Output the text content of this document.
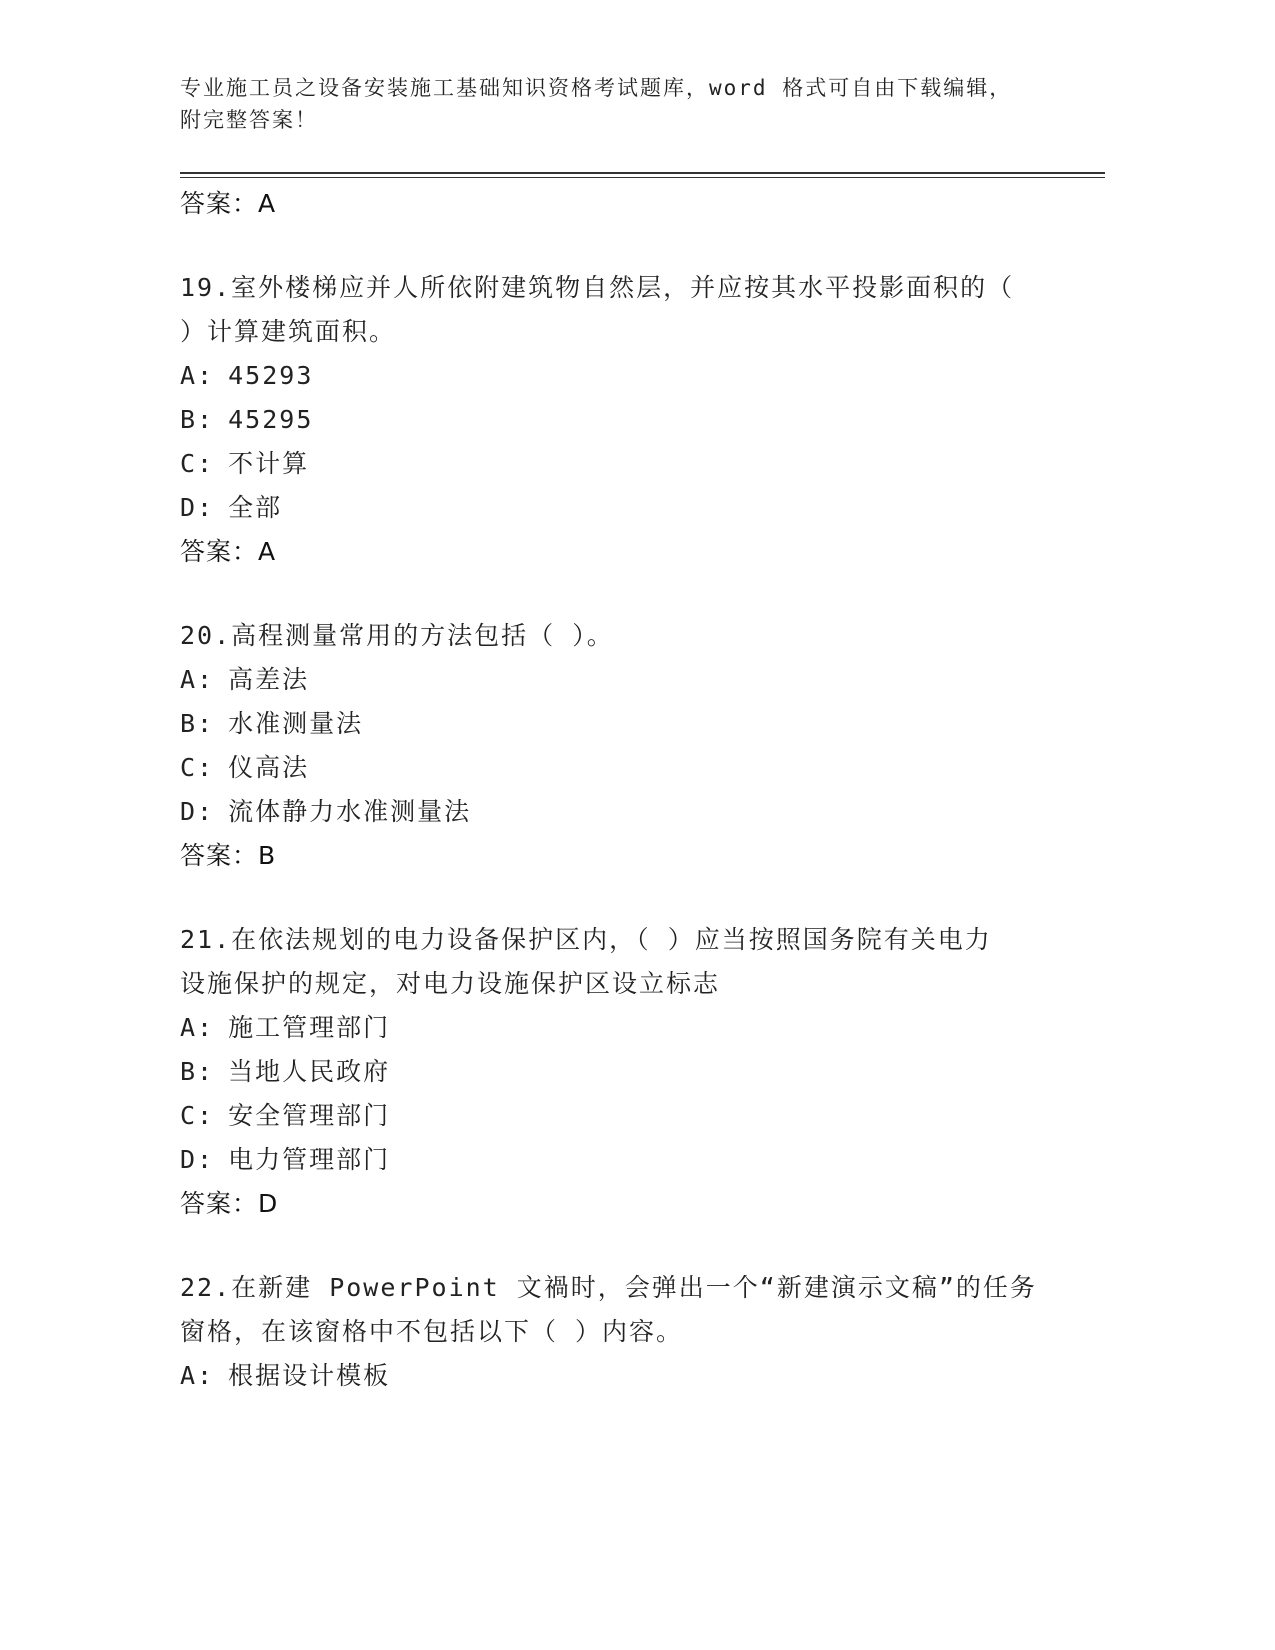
专业施工员之设备安装施工基础知识资格考试题库，word 格式可自由下载编辑，
附完整答案！
答案：A
19.室外楼梯应并人所依附建筑物自然层，并应按其水平投影面积的（
）计算建筑面积。
A: 45293
B: 45295
C: 不计算
D: 全部
答案：A
20.高程测量常用的方法包括（ ）。
A: 高差法
B: 水准测量法
C: 仪高法
D: 流体静力水准测量法
答案：B
21.在依法规划的电力设备保护区内，（ ）应当按照国务院有关电力
设施保护的规定，对电力设施保护区设立标志
A: 施工管理部门
B: 当地人民政府
C: 安全管理部门
D: 电力管理部门
答案：D
22.在新建 PowerPoint 文禍时，会弹出一个“新建演示文稿”的任务
窗格，在该窗格中不包括以下（ ）内容。
A: 根据设计模板
